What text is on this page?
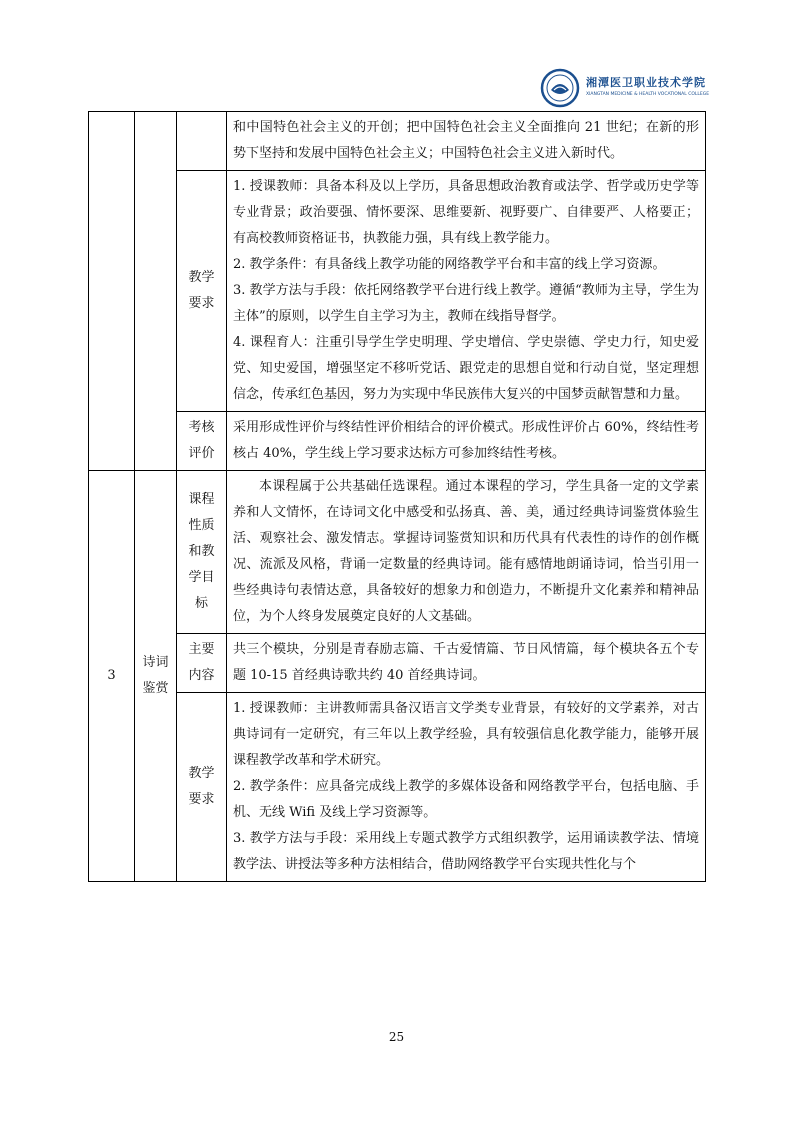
湘潭医卫职业技术学院
XIANGTAN MEDICINE & HEALTH VOCATIONAL COLLEGE

			和中国特色社会主义的开创；把中国特色社会主义全面推向 21 世纪；在新的形势下坚持和发展中国特色社会主义；中国特色社会主义进入新时代。

		教学要求	1. 授课教师：具备本科及以上学历，具备思想政治教育或法学、哲学或历史学等专业背景；政治要强、情怀要深、思维要新、视野要广、自律要严、人格要正；有高校教师资格证书，执教能力强，具有线上教学能力。

2. 教学条件：有具备线上教学功能的网络教学平台和丰富的线上学习资源。

3. 教学方法与手段：依托网络教学平台进行线上教学。遵循“教师为主导，学生为主体”的原则，以学生自主学习为主，教师在线指导督学。

4. 课程育人：注重引导学生学史明理、学史增信、学史崇德、学史力行，知史爱党、知史爱国，增强坚定不移听党话、跟党走的思想自觉和行动自觉，坚定理想信念，传承红色基因，努力为实现中华民族伟大复兴的中国梦贡献智慧和力量。

		考核评价	采用形成性评价与终结性评价相结合的评价模式。形成性评价占 60%，终结性考核占 40%，学生线上学习要求达标方可参加终结性考核。

3	诗词鉴赏	课程性质和教学目标	本课程属于公共基础任选课程。通过本课程的学习，学生具备一定的文学素养和人文情怀，在诗词文化中感受和弘扬真、善、美，通过经典诗词鉴赏体验生活、观察社会、激发情志。掌握诗词鉴赏知识和历代具有代表性的诗作的创作概况、流派及风格，背诵一定数量的经典诗词。能有感情地朗诵诗词，恰当引用一些经典诗句表情达意，具备较好的想象力和创造力，不断提升文化素养和精神品位，为个人终身发展奠定良好的人文基础。

		主要内容	共三个模块，分别是青春励志篇、千古爱情篇、节日风情篇，每个模块各五个专题 10-15 首经典诗歌共约 40 首经典诗词。

		教学要求	1. 授课教师：主讲教师需具备汉语言文学类专业背景，有较好的文学素养，对古典诗词有一定研究，有三年以上教学经验，具有较强信息化教学能力，能够开展课程教学改革和学术研究。

2. 教学条件：应具备完成线上教学的多媒体设备和网络教学平台，包括电脑、手机、无线 Wifi 及线上学习资源等。

3. 教学方法与手段：采用线上专题式教学方式组织教学，运用诵读教学法、情境教学法、讲授法等多种方法相结合，借助网络教学平台实现共性化与个

25
